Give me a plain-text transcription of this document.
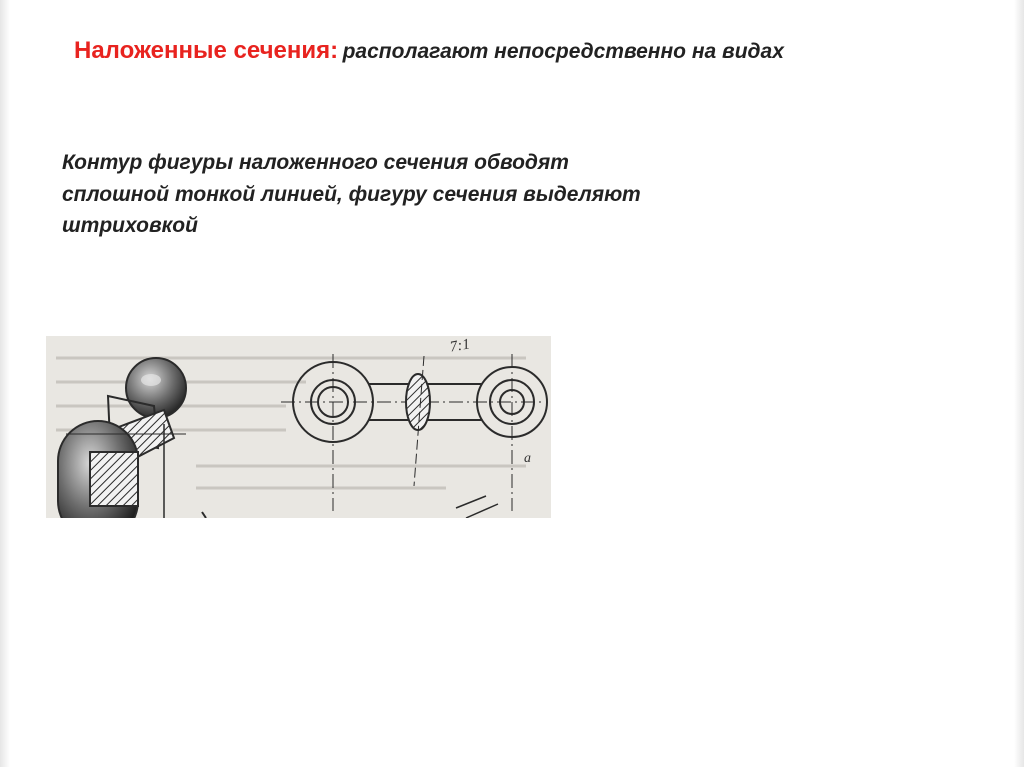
Наложенные сечения: располагают непосредственно на видах
Контур фигуры наложенного сечения обводят
сплошной тонкой линией, фигуру сечения выделяют
штриховкой
7:1
а
